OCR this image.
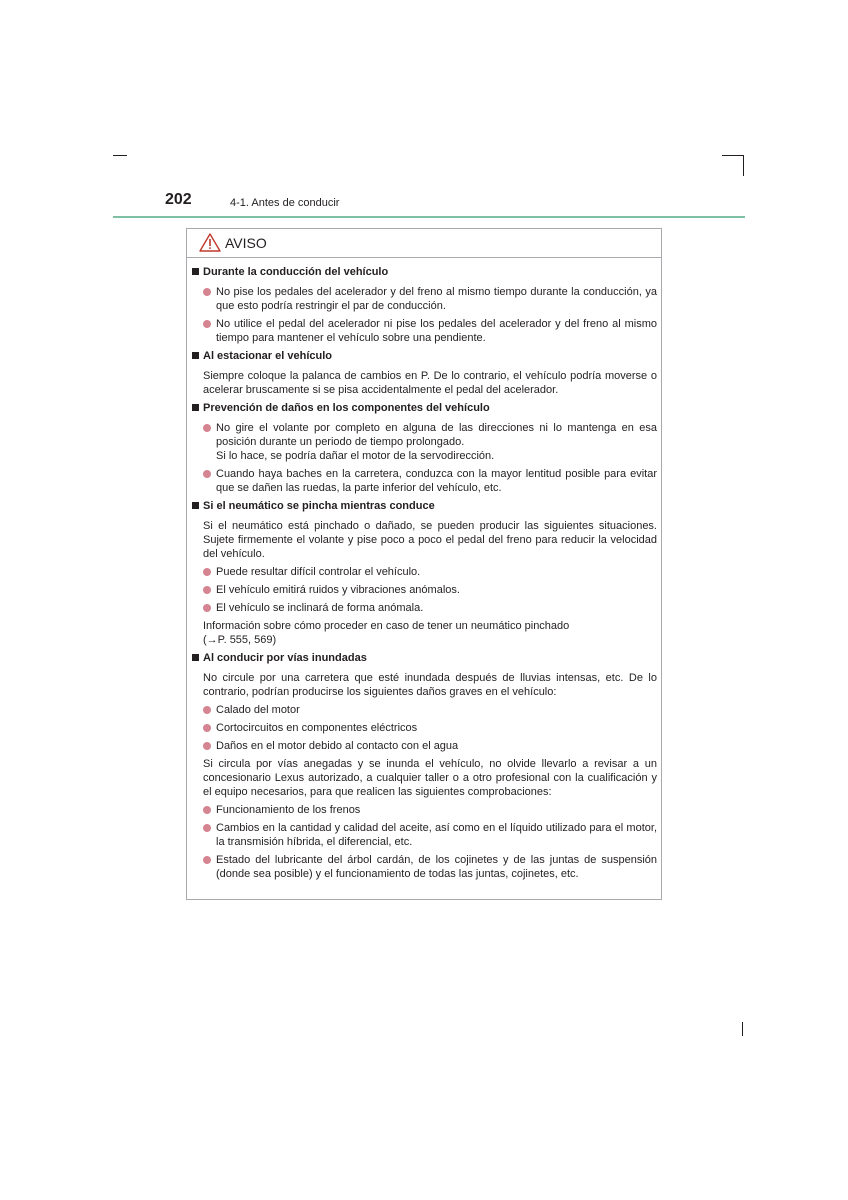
202	4-1. Antes de conducir
AVISO
Durante la conducción del vehículo
No pise los pedales del acelerador y del freno al mismo tiempo durante la conducción, ya que esto podría restringir el par de conducción.
No utilice el pedal del acelerador ni pise los pedales del acelerador y del freno al mismo tiempo para mantener el vehículo sobre una pendiente.
Al estacionar el vehículo
Siempre coloque la palanca de cambios en P. De lo contrario, el vehículo podría moverse o acelerar bruscamente si se pisa accidentalmente el pedal del acelerador.
Prevención de daños en los componentes del vehículo
No gire el volante por completo en alguna de las direcciones ni lo mantenga en esa posición durante un periodo de tiempo prolongado.
Si lo hace, se podría dañar el motor de la servodirección.
Cuando haya baches en la carretera, conduzca con la mayor lentitud posible para evitar que se dañen las ruedas, la parte inferior del vehículo, etc.
Si el neumático se pincha mientras conduce
Si el neumático está pinchado o dañado, se pueden producir las siguientes situaciones. Sujete firmemente el volante y pise poco a poco el pedal del freno para reducir la velocidad del vehículo.
Puede resultar difícil controlar el vehículo.
El vehículo emitirá ruidos y vibraciones anómalos.
El vehículo se inclinará de forma anómala.
Información sobre cómo proceder en caso de tener un neumático pinchado
(→P. 555, 569)
Al conducir por vías inundadas
No circule por una carretera que esté inundada después de lluvias intensas, etc. De lo contrario, podrían producirse los siguientes daños graves en el vehículo:
Calado del motor
Cortocircuitos en componentes eléctricos
Daños en el motor debido al contacto con el agua
Si circula por vías anegadas y se inunda el vehículo, no olvide llevarlo a revisar a un concesionario Lexus autorizado, a cualquier taller o a otro profesional con la cualificación y el equipo necesarios, para que realicen las siguientes comprobaciones:
Funcionamiento de los frenos
Cambios en la cantidad y calidad del aceite, así como en el líquido utilizado para el motor, la transmisión híbrida, el diferencial, etc.
Estado del lubricante del árbol cardán, de los cojinetes y de las juntas de suspensión (donde sea posible) y el funcionamiento de todas las juntas, cojinetes, etc.
